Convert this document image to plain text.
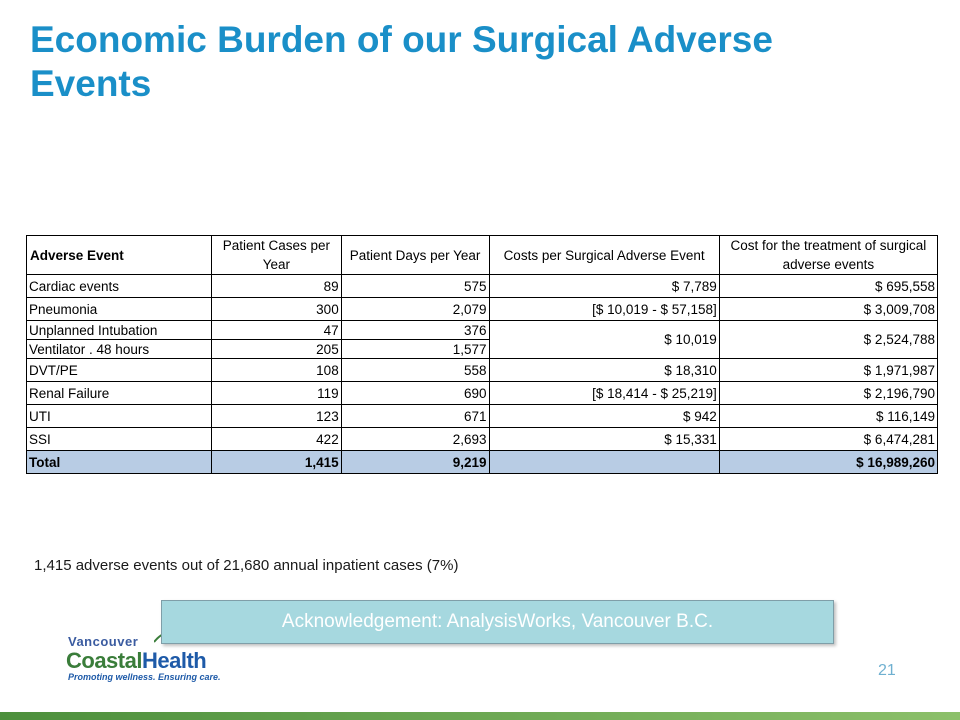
Economic Burden of our Surgical Adverse Events
Adverse Event	Patient Cases per Year	Patient Days per Year	Costs per Surgical Adverse Event	Cost for the treatment of surgical adverse events
Cardiac events	89	575	$ 7,789	$ 695,558
Pneumonia	300	2,079	[$ 10,019 - $ 57,158]	$ 3,009,708
Unplanned Intubation	47	376	$ 10,019	$ 2,524,788
Ventilator . 48 hours	205	1,577		
DVT/PE	108	558	$ 18,310	$ 1,971,987
Renal Failure	119	690	[$ 18,414 - $ 25,219]	$ 2,196,790
UTI	123	671	$ 942	$ 116,149
SSI	422	2,693	$ 15,331	$ 6,474,281
Total	1,415	9,219		$ 16,989,260
1,415 adverse events out of 21,680 annual inpatient cases (7%)
Vancouver
CoastalHealth
Promoting wellness. Ensuring care.
Acknowledgement: AnalysisWorks, Vancouver B.C.
21
